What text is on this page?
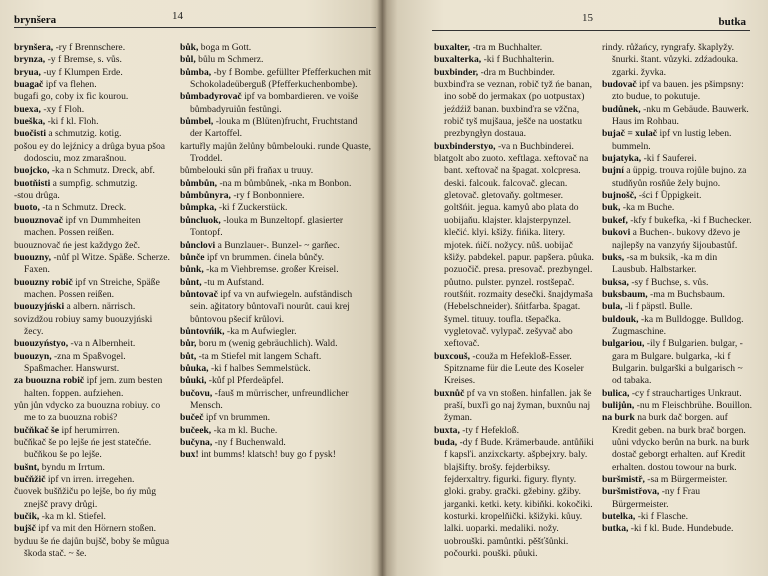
brynšera	14

brynšera, -ry f Brennschere.

brynza, -y f Bremse, s. vůs.

bryua, -uy f Klumpen Erde.

buagač ipf va flehen.

bugafi go, coby ix fic kourou.

buexa, -xy f Floh.

bueška, -ki f kl. Floh.

buočisti a schmutzig. kotig.

pošou ey do lejźnicy a drûga byua pšoa dodosciu, moz zmarašnou.

buojcko, -ka n Schmutz. Dreck, abf.

buotňisti a sumpfig. schmutzig.

-stou drûga.

buoto, -ta n Schmutz. Dreck.

buouznovač ipf vn Dummheiten machen. Possen reißen.

buouznovač ńe jest každygo žeč.

buouzny, -nůf pl Witze. Späße. Scherze. Faxen.

buouzny robič ipf vn Streiche, Späße machen. Possen reißen.

buouzyjński a albern. närrisch.

sovizdžou robiuy samy buouzyjński žecy.

buouzyństyo, -va n Albernheit.

buouzyn, -zna m Spaßvogel. Spaßmacher. Hanswurst.

za buouzna robič ipf jem. zum besten halten. foppen. aufziehen.

yůn jůn vdycko za buouzna robiuy. co me to za buouzna robiś?

bučňkač še ipf herumirren.

bučňkač še po lejše ńe jest statečńe. bučňkou še po lejše.

bušnt, byndu m Irrtum.

bučňžič ipf vn irren. irregehen.

čuovek bušňžiču po lejše, bo ńy můg znejšč pravy drůgi.

bučik, -ka m kl. Stiefel.

bujšč ipf va mit den Hörnern stoßen.

byduu še ńe dajůn bujšč, boby še můgua škoda stač. ~ še.

bůk, boga m Gott.

bůl, bůlu m Schmerz.

bůmba, -by f Bombe. gefüllter Pfefferkuchen mit Schokoladeüberguß (Pfefferkuchenbombe).

bůmbadyrovač ipf va bombardieren. ve voiše bůmbadyruiůn festůngi.

bůmbel, -louka m (Blüten)frucht, Fruchtstand der Kartoffel.

kartuřly majůn želůny bůmbelouki. runde Quaste, Troddel.

bůmbelouki sůn při fraňax u truuy.

bůmbůn, -na m bůmbůnek, -nka m Bonbon.

bůmbůnyra, -ry f Bonbonniere.

bůmpka, -ki f Zuckerstück.

bůncluok, -louka m Bunzeltopf. glasierter Tontopf.

bůnclovi a Bunzlauer-. Bunzel- ~ garňec.

bůnče ipf vn brummen. ćinela bůnčy.

bůnk, -ka m Viehbremse. großer Kreisel.

bůnt, -tu m Aufstand.

bůntovač ipf va vn aufwiegeln. aufständisch sein. ağitatory bůntovaľi nourůt. caui krej bůntovou pšecif krůlovi.

bůntovńik, -ka m Aufwiegler.

bůr, boru m (wenig gebräuchlich). Wald.

bůt, -ta m Stiefel mit langem Schaft.

bůuka, -ki f halbes Semmelstück.

bůuki, -kůf pl Pferdeäpfel.

bučovu, -fauš m mürrischer, unfreundlicher Mensch.

bučeč ipf vn brummen.

bučeek, -ka m kl. Buche.

bučyna, -ny f Buchenwald.

bux! int bumms! klatsch! buy go f pysk!

15	butka

buxalter, -tra m Buchhalter.

buxalterka, -ki f Buchhalterin.

buxbinder, -dra m Buchbinder.

buxbinďra se veznan, robič tyž ńe banan, ino sobě do jermakax (po uotpustax) jeźdźiž banan. buxbinďra se vžčna, robič tyš mujšaua, ješče na uostatku prezbyngłyn dostaua.

buxbinderstyo, -va n Buchbinderei.

blatgolt abo zuoto. xeftlaga. xeftovač na bant. xeftovač na špagat. xolcpresa. deski. falcouk. falcovač. glecan. gletovač. gletovaňy. goltmeser. goltšńit. jegua. kamyů abo plata do uobijaňu. klajster. klajsterpynzel. klečić. klyi. kšižy. fińika. litery. mjotek. ńičí. nožycy. nůš. uobijač kšižy. pabdekel. papur. papšera. půuka. pozuočič. presa. presovač. prezbyngel. půutno. pulster. pynzel. rostšepač. routšńit. rozmaity desečki. šnajdymaša (Hebelschneider). šńitfarba. špagat. šymel. tituuy. toufla. tšepačka. vygletovač. vylypač. zešyvač abo xeftovač.

buxcouš, -couža m Hefekloß-Esser. Spitzname für die Leute des Koseler Kreises.

buxnůč pf va vn stoßen. hinfallen. jak še praší, buxľi go naj žyman, buxnůu naj žyman.

buxta, -ty f Hefekloß.

buda, -dy f Bude. Krämerbaude. antůňiki f kapsľi. anzixckarty. ašpbejxry. baly. blajšifty. brošy. fejderbiksy. fejderxaltry. figurki. figury. flynty. gloki. graby. grački. gžebiny. gžiby. jarganki. ketki. kety. kibiňki. kokočiki. kosturki. kropelňički. kšižyki. kůuy. lalki. uoparki. medaliki. nožy. uobrouški. pamůntki. pěšťšůnki. počourki. pouški. půuki.

rindy. růžańcy, ryngrafy. škaplyžy. šnurki. štant. vůzyki. zdźadouka. zgarki. žyvka.

budovač ipf va bauen. jes pšimpsny: zto budue, to pokutuje.

budůnek, -nku m Gebäude. Bauwerk. Haus im Rohbau.

bujač = xulač ipf vn lustig leben. bummeln.

bujatyka, -ki f Sauferei.

bujní a üppig. trouva rojůle bujno. za studňyůn rosňůe žely bujno.

bujnošč, -ści f Üppigkeit.

buk, -ka m Buche.

bukef, -kfy f bukefka, -ki f Buchecker.

bukovi a Buchen-. bukovy dževo je najlepšy na vanzyńy šijoubastůf.

buks, -sa m buksik, -ka m din Lausbub. Halbstarker.

buksa, -sy f Buchse, s. vůs.

buksbaum, -ma m Buchsbaum.

bula, -li f päpstl. Bulle.

buldouk, -ka m Bulldogge. Bulldog. Zugmaschine.

bulgariou, -ily f Bulgarien. bulgar, -gara m Bulgare. bulgarka, -ki f Bulgarin. bulgarški a bulgarisch ~ od tabaka.

bulica, -cy f strauchartiges Unkraut.

bulijůn, -nu m Fleischbrühe. Bouillon.

na burk na burk dač borgen. auf Kredit geben. na burk brač borgen. uůni vdycko berůn na burk. na burk dostač geborgt erhalten. auf Kredit erhalten. dostou towour na burk.

buršmistř, -sa m Bürgermeister.

buršmistřova, -ny f Frau Bürgermeister.

butelka, -ki f Flasche.

butka, -ki f kl. Bude. Hundebude.
